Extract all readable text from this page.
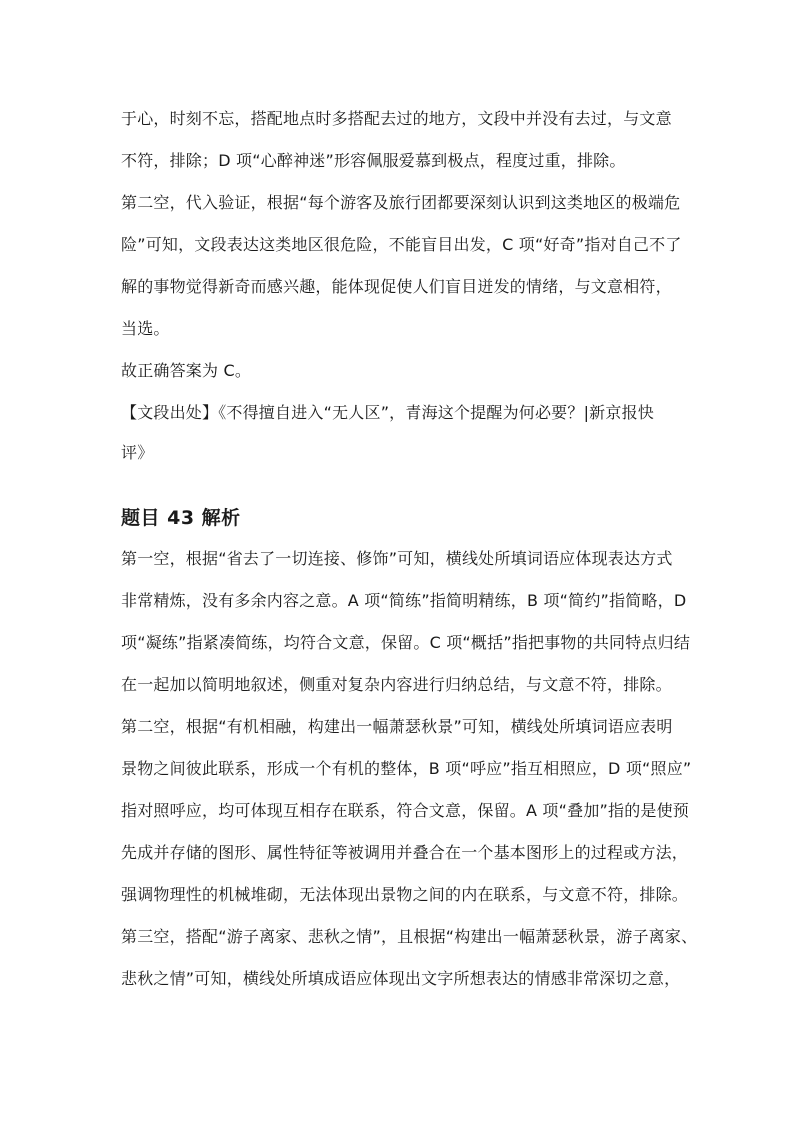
于心，时刻不忘，搭配地点时多搭配去过的地方，文段中并没有去过，与文意
不符，排除；D 项“心醉神迷”形容佩服爱慕到极点，程度过重，排除。
第二空，代入验证，根据“每个游客及旅行团都要深刻认识到这类地区的极端危
险”可知，文段表达这类地区很危险，不能盲目出发，C 项“好奇”指对自己不了
解的事物觉得新奇而感兴趣，能体现促使人们盲目迸发的情绪，与文意相符，
当选。
故正确答案为 C。
【文段出处】《不得擅自进入“无人区”，青海这个提醒为何必要？|新京报快
评》
题目 43 解析
第一空，根据“省去了一切连接、修饰”可知，横线处所填词语应体现表达方式
非常精炼，没有多余内容之意。A 项“简练”指简明精练，B 项“简约”指简略，D
项“凝练”指紧凑简练，均符合文意，保留。C 项“概括”指把事物的共同特点归结
在一起加以简明地叙述，侧重对复杂内容进行归纳总结，与文意不符，排除。
第二空，根据“有机相融，构建出一幅萧瑟秋景”可知，横线处所填词语应表明
景物之间彼此联系，形成一个有机的整体，B 项“呼应”指互相照应，D 项“照应”
指对照呼应，均可体现互相存在联系，符合文意，保留。A 项“叠加”指的是使预
先成并存储的图形、属性特征等被调用并叠合在一个基本图形上的过程或方法，
强调物理性的机械堆砌，无法体现出景物之间的内在联系，与文意不符，排除。
第三空，搭配“游子离家、悲秋之情”，且根据“构建出一幅萧瑟秋景，游子离家、
悲秋之情”可知，横线处所填成语应体现出文字所想表达的情感非常深切之意，
